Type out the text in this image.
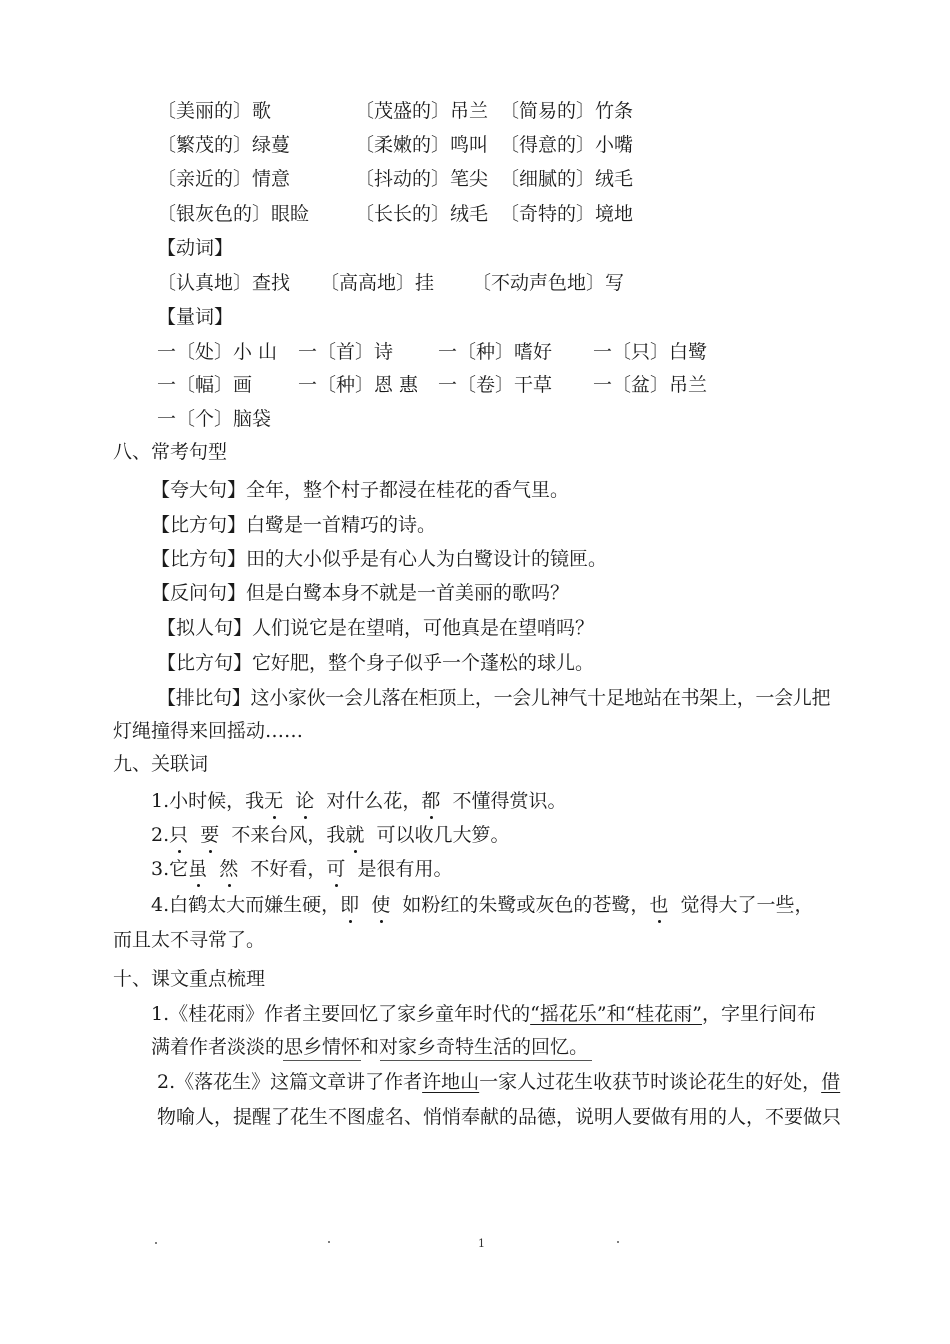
〔美丽的〕歌	〔茂盛的〕吊兰 〔简易的〕竹条
〔繁茂的〕绿蔓	〔柔嫩的〕鸣叫 〔得意的〕小嘴
〔亲近的〕情意	〔抖动的〕笔尖 〔细腻的〕绒毛
〔银灰色的〕眼睑 〔长长的〕绒毛 〔奇特的〕境地
【动词】
〔认真地〕查找 〔高高地〕挂 〔不动声色地〕写
【量词】
一〔处〕小 山 一〔首〕诗 一〔种〕嗜好 一〔只〕白鹭
一〔幅〕画 一〔种〕恩 惠 一〔卷〕干草 一〔盆〕吊兰
一〔个〕脑袋
八、常考句型
【夸大句】全年，整个村子都浸在桂花的香气里。
【比方句】白鹭是一首精巧的诗。
【比方句】田的大小似乎是有心人为白鹭设计的镜匣。
【反问句】但是白鹭本身不就是一首美丽的歌吗？
【拟人句】人们说它是在望哨，可他真是在望哨吗？
【比方句】它好肥，整个身子似乎一个蓬松的球儿。
【排比句】这小家伙一会儿落在柜顶上，一会儿神气十足地站在书架上，一会儿把
灯绳撞得来回摇动……
九、关联词
1.小时候，我无 论 对什么花，都 不懂得赏识。
2.只 要 不来台风，我就 可以收几大箩。
3.它虽 然 不好看，可 是很有用。
4.白鹤太大而嫌生硬，即 使 如粉红的朱鹭或灰色的苍鹭，也 觉得大了一些，
而且太不寻常了。
十、课文重点梳理
1.《桂花雨》作者主要回忆了家乡童年时代的“摇花乐”和“桂花雨”，字里行间布
满着作者淡淡的思乡情怀和对家乡奇特生活的回忆。
2.《落花生》这篇文章讲了作者许地山一家人过花生收获节时谈论花生的好处，借
物喻人，提醒了花生不图虚名、悄悄奉献的品德，说明人要做有用的人，不要做只
1
